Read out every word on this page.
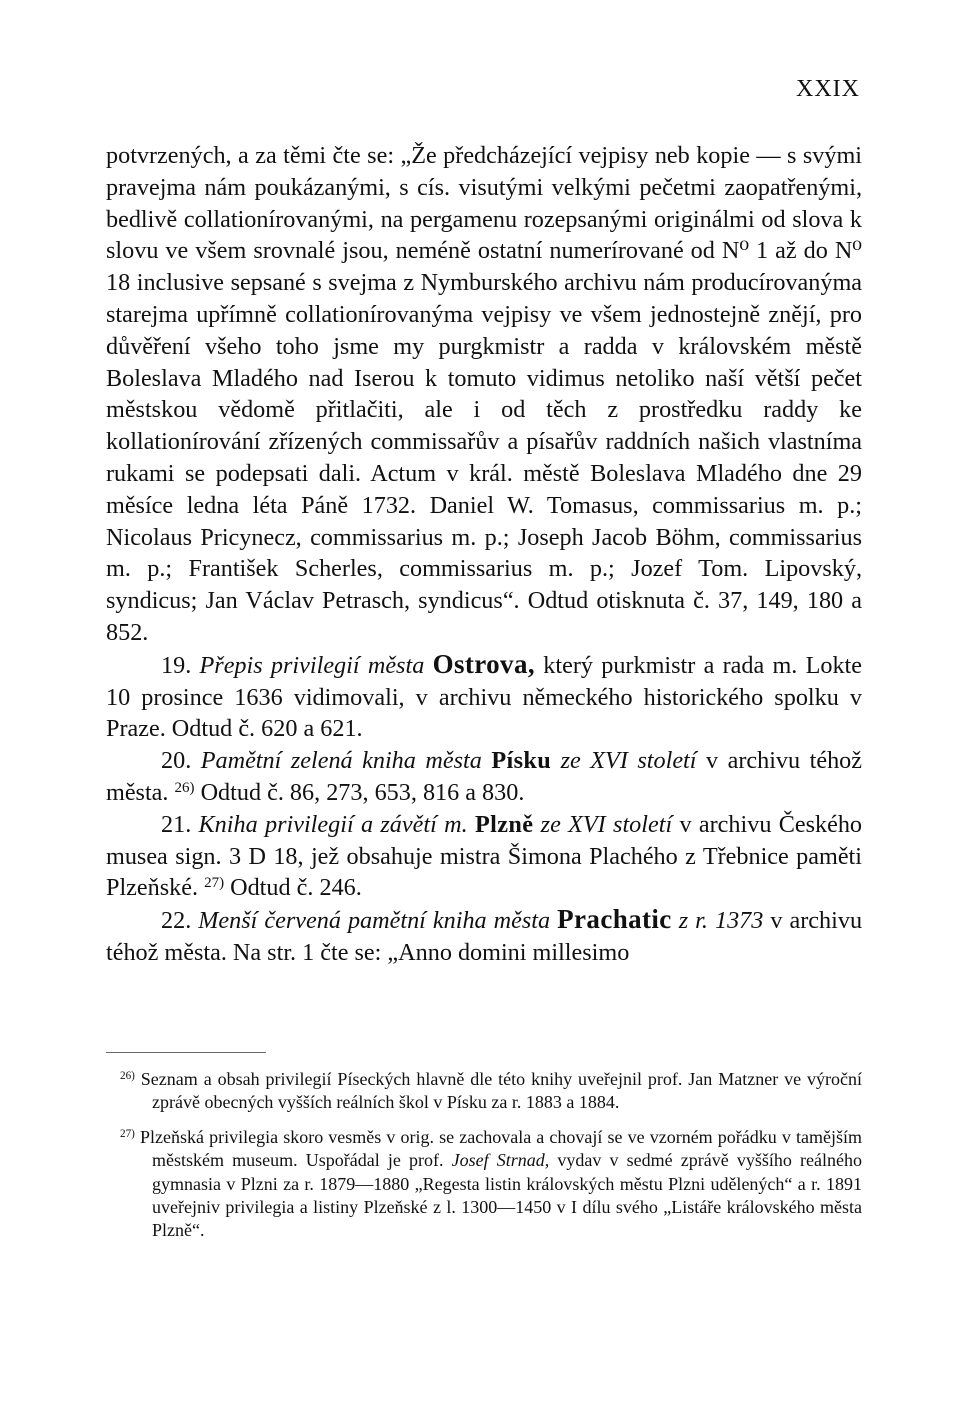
XXIX

potvrzených, a za těmi čte se: „Že předcházející vejpisy neb kopie — s svými pravejma nám poukázanými, s cís. visutými velkými pečetmi zaopatřenými, bedlivě collationírovanými, na pergamenu rozepsanými originálmi od slova k slovu ve všem srovnalé jsou, neméně ostatní numerírované od N⁰ 1 až do N⁰ 18 inclusive sepsané s svejma z Nymburského archivu nám producírovanýma starejma upřímně collationírovanýma vejpisy ve všem jednostejně znějí, pro důvěření všeho toho jsme my purgkmistr a radda v královském městě Boleslava Mladého nad Iserou k tomuto vidimus netoliko naší větší pečet městskou vědomě přitlačiti, ale i od těch z prostředku raddy ke kollationírování zřízených commissařův a písařův raddních našich vlastníma rukami se podepsati dali. Actum v král. městě Boleslava Mladého dne 29 měsíce ledna léta Páně 1732. Daniel W. Tomasus, commissarius m. p.; Nicolaus Pricynecz, commissarius m. p.; Joseph Jacob Böhm, commissarius m. p.; František Scherles, commissarius m. p.; Jozef Tom. Lipovský, syndicus; Jan Václav Petrasch, syndicus“. Odtud otisknuta č. 37, 149, 180 a 852.

19. Přepis privilegií města Ostrova, který purkmistr a rada m. Lokte 10 prosince 1636 vidimovali, v archivu německého historického spolku v Praze. Odtud č. 620 a 621.

20. Pamětní zelená kniha města Písku ze XVI století v archivu téhož města. $^{26)}$ Odtud č. 86, 273, 653, 816 a 830.

21. Kniha privilegií a závětí m. Plzně ze XVI století v archivu Českého musea sign. 3 D 18, jež obsahuje mistra Šimona Plachého z Třebnice paměti Plzeňské. $^{27)}$ Odtud č. 246.

22. Menší červená pamětní kniha města Prachatic z r. 1373 v archivu téhož města. Na str. 1 čte se: „Anno domini millesimo

$^{26)}$ Seznam a obsah privilegií Píseckých hlavně dle této knihy uveřejnil prof. Jan Matzner ve výroční zprávě obecných vyšších reálních škol v Písku za r. 1883 a 1884.

$^{27)}$ Plzeňská privilegia skoro vesměs v orig. se zachovala a chovají se ve vzorném pořádku v tamějším městském museum. Uspořádal je prof. Josef Strnad, vydav v sedmé zprávě vyššího reálného gymnasia v Plzni za r. 1879—1880 „Regesta listin královských městu Plzni udělených“ a r. 1891 uveřejniv privilegia a listiny Plzeňské z l. 1300—1450 v I dílu svého „Listáře královského města Plzně“.
